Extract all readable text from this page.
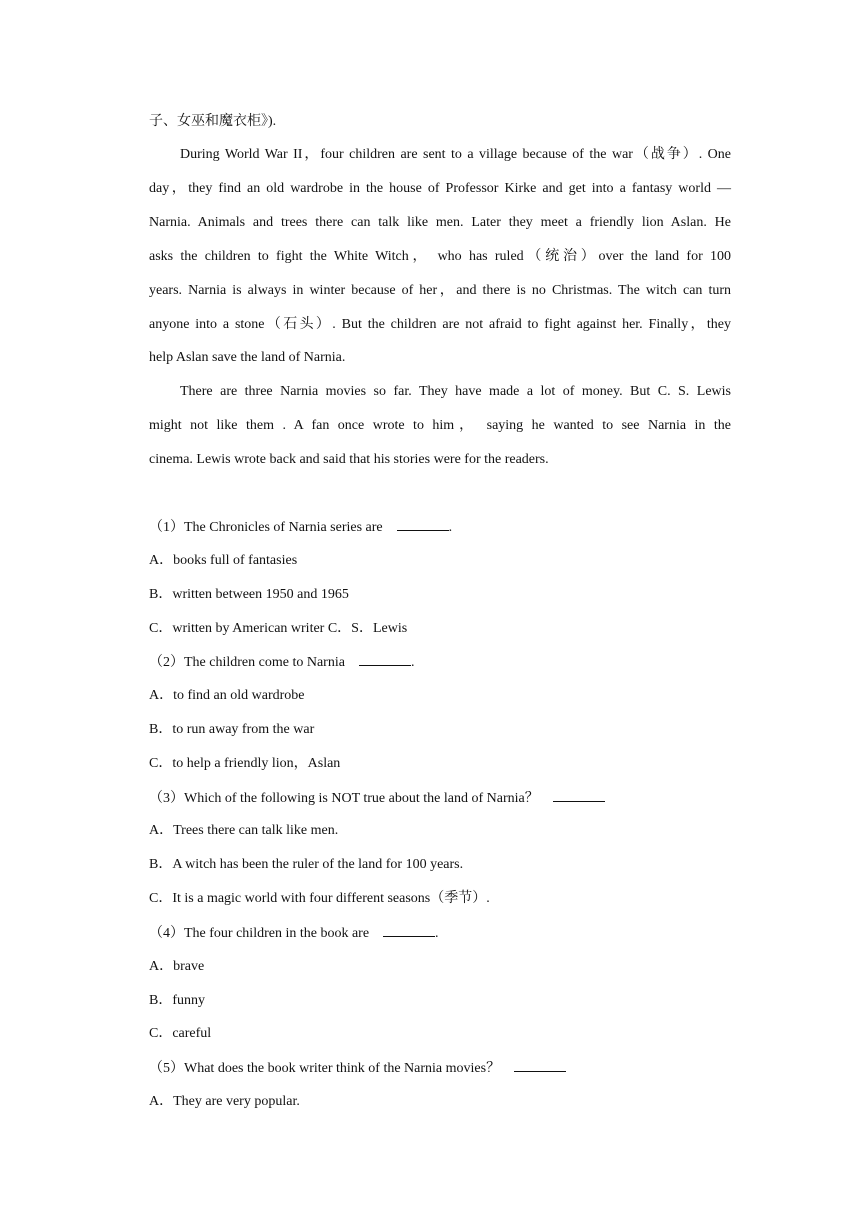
子、女巫和魔衣柜》).
During World War II，four children are sent to a village because of the war（战争）. One
day，they find an old wardrobe in the house of Professor Kirke and get into a fantasy world —
Narnia. Animals and trees there can talk like men. Later they meet a friendly lion Aslan. He
asks the children to fight the White Witch， who has ruled（统治）over the land for 100
years. Narnia is always in winter because of her，and there is no Christmas. The witch can turn
anyone into a stone（石头）. But the children are not afraid to fight against her. Finally，they
help Aslan save the land of Narnia.
There are three Narnia movies so far. They have made a lot of money. But C. S. Lewis
might not like them . A fan once wrote to him， saying he wanted to see Narnia in the
cinema. Lewis wrote back and said that his stories were for the readers.
（1）The Chronicles of Narnia series are	.
A．books full of fantasies
B．written between 1950 and 1965
C．written by American writer C．S．Lewis
（2）The children come to Narnia	.
A．to find an old wardrobe
B．to run away from the war
C．to help a friendly lion，Aslan
（3）Which of the following is NOT true about the land of Narnia？
A．Trees there can talk like men.
B．A witch has been the ruler of the land for 100 years.
C．It is a magic world with four different seasons（季节）.
（4）The four children in the book are	.
A．brave
B．funny
C．careful
（5）What does the book writer think of the Narnia movies？
A．They are very popular.
